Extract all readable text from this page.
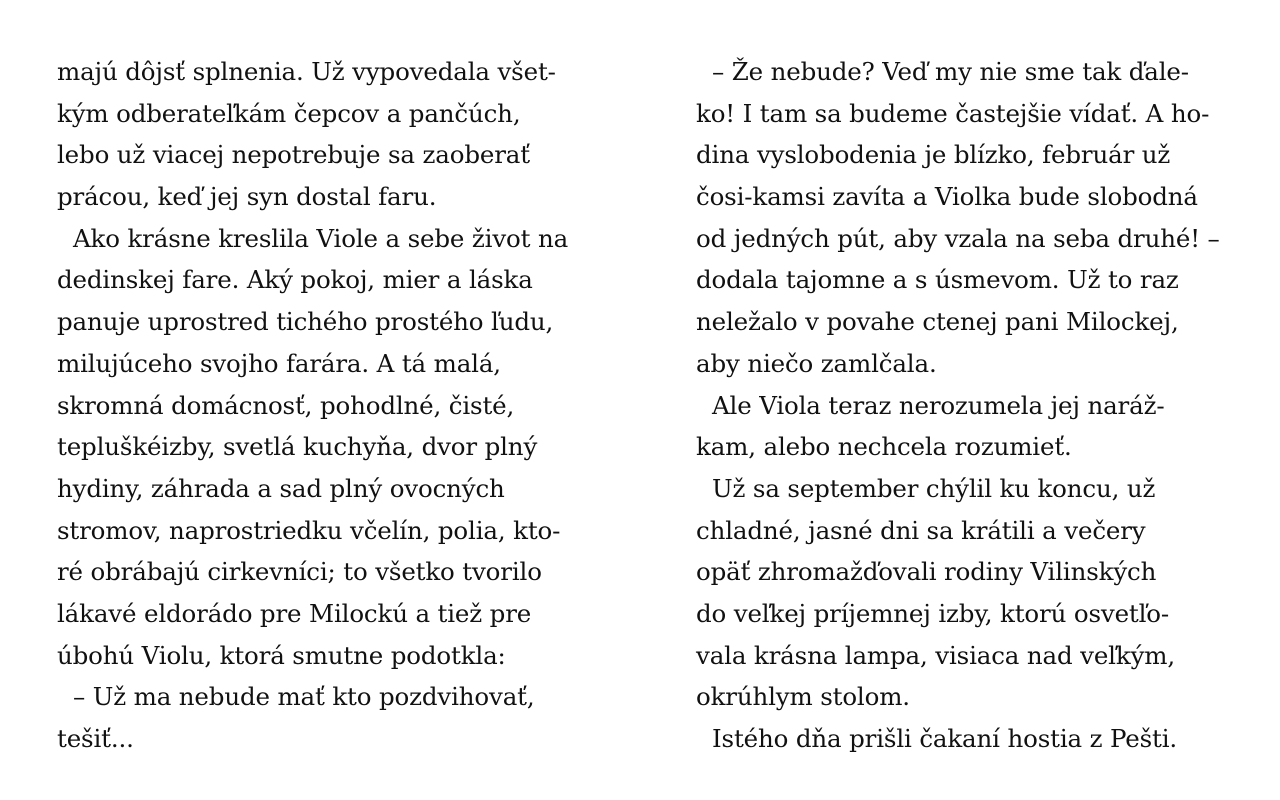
majú dôjsť splnenia. Už vypovedala všet-
kým odberateľkám čepcov a pančúch,
lebo už viacej nepotrebuje sa zaoberať
prácou, keď jej syn dostal faru.
Ako krásne kreslila Viole a sebe život na
dedinskej fare. Aký pokoj, mier a láska
panuje uprostred tichého prostého ľudu,
milujúceho svojho farára. A tá malá,
skromná domácnosť, pohodlné, čisté,
tepluškéizby, svetlá kuchyňa, dvor plný
hydiny, záhrada a sad plný ovocných
stromov, naprostriedku včelín, polia, kto-
ré obrábajú cirkevníci; to všetko tvorilo
lákavé eldorádo pre Milockú a tiež pre
úbohú Violu, ktorá smutne podotkla:
– Už ma nebude mať kto pozdvihovať,
tešiť...
– Že nebude? Veď my nie sme tak ďale-
ko! I tam sa budeme častejšie vídať. A ho-
dina vyslobodenia je blízko, február už
čosi-kamsi zavíta a Violka bude slobodná
od jedných pút, aby vzala na seba druhé! –
dodala tajomne a s úsmevom. Už to raz
neležalo v povahe ctenej pani Milockej,
aby niečo zamlčala.
Ale Viola teraz nerozumela jej naráž-
kam, alebo nechcela rozumieť.
Už sa september chýlil ku koncu, už
chladné, jasné dni sa krátili a večery
opäť zhromažďovali rodiny Vilinských
do veľkej príjemnej izby, ktorú osvetľo-
vala krásna lampa, visiaca nad veľkým,
okrúhlym stolom.
Istého dňa prišli čakaní hostia z Pešti.
